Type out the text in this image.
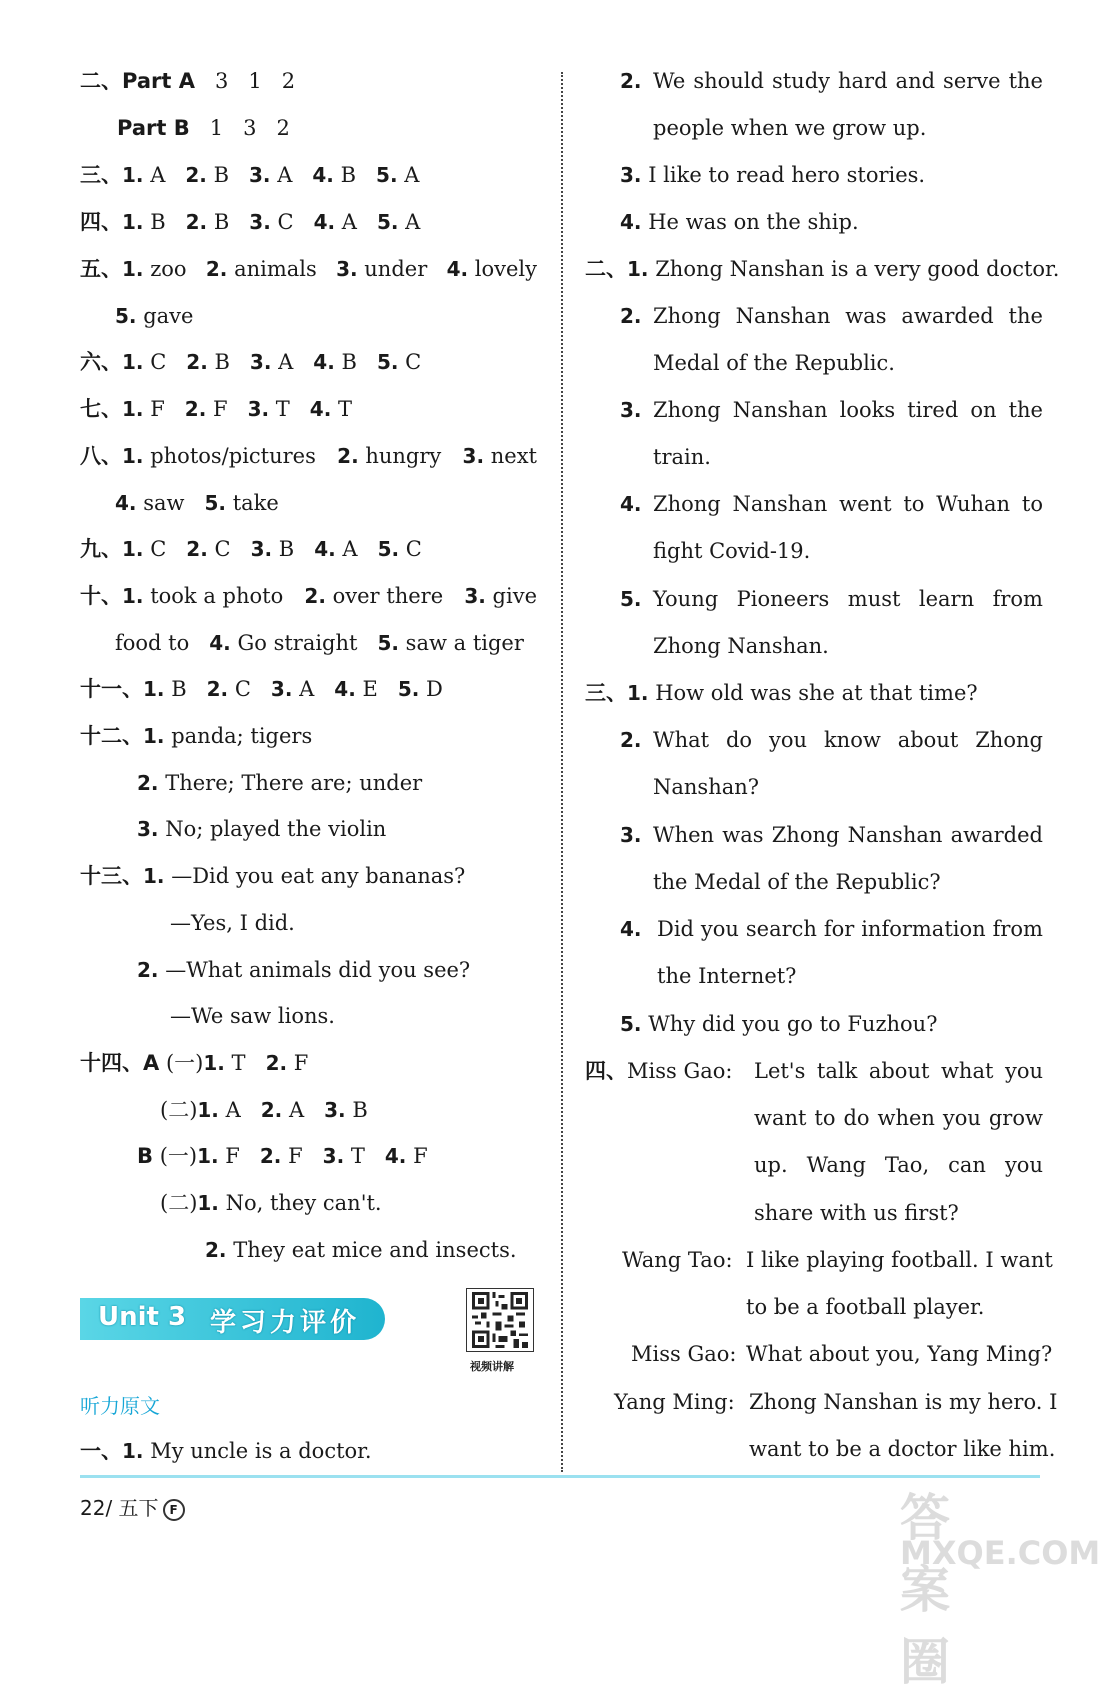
二、Part A 3   1   2
Part B 1   3   2
三、1. A 2. B 3. A 4. B 5. A
四、1. B 2. B 3. C 4. A 5. A
五、1. zoo 2. animals 3. under 4. lovely
5. gave
六、1. C 2. B 3. A 4. B 5. C
七、1. F 2. F 3. T 4. T
八、1. photos/pictures 2. hungry 3. next
4. saw 5. take
九、1. C 2. C 3. B 4. A 5. C
十、1. took a photo 2. over there 3. give
food to 4. Go straight 5. saw a tiger
十一、1. B 2. C 3. A 4. E 5. D
十二、1. panda; tigers
2. There; There are; under
3. No; played the violin
十三、1. —Did you eat any bananas?
—Yes, I did.
2. —What animals did you see?
—We saw lions.
十四、A (一)1. T 2. F
(二)1. A 2. A 3. B
B (一)1. F 2. F 3. T 4. F
(二)1. No, they can't.
2. They eat mice and insects.
Unit 3 学习力评价
视频讲解
听力原文
一、1. My uncle is a doctor.
2. We should study hard and serve the
people when we grow up.
3. I like to read hero stories.
4. He was on the ship.
二、1. Zhong Nanshan is a very good doctor.
2. Zhong Nanshan was awarded the
Medal of the Republic.
3. Zhong Nanshan looks tired on the
train.
4. Zhong Nanshan went to Wuhan to
fight Covid-19.
5. Young Pioneers must learn from
Zhong Nanshan.
三、1. How old was she at that time?
2. What do you know about Zhong
Nanshan?
3. When was Zhong Nanshan awarded
the Medal of the Republic?
4. Did you search for information from
the Internet?
5. Why did you go to Fuzhou?
四、Miss Gao: Let's talk about what you
want to do when you grow
up. Wang Tao, can you
share with us first?
Wang Tao: I like playing football. I want
to be a football player.
Miss Gao: What about you, Yang Ming?
Yang Ming: Zhong Nanshan is my hero. I
want to be a doctor like him.
22/ 五下 F	答案圈
MXQE.COM
